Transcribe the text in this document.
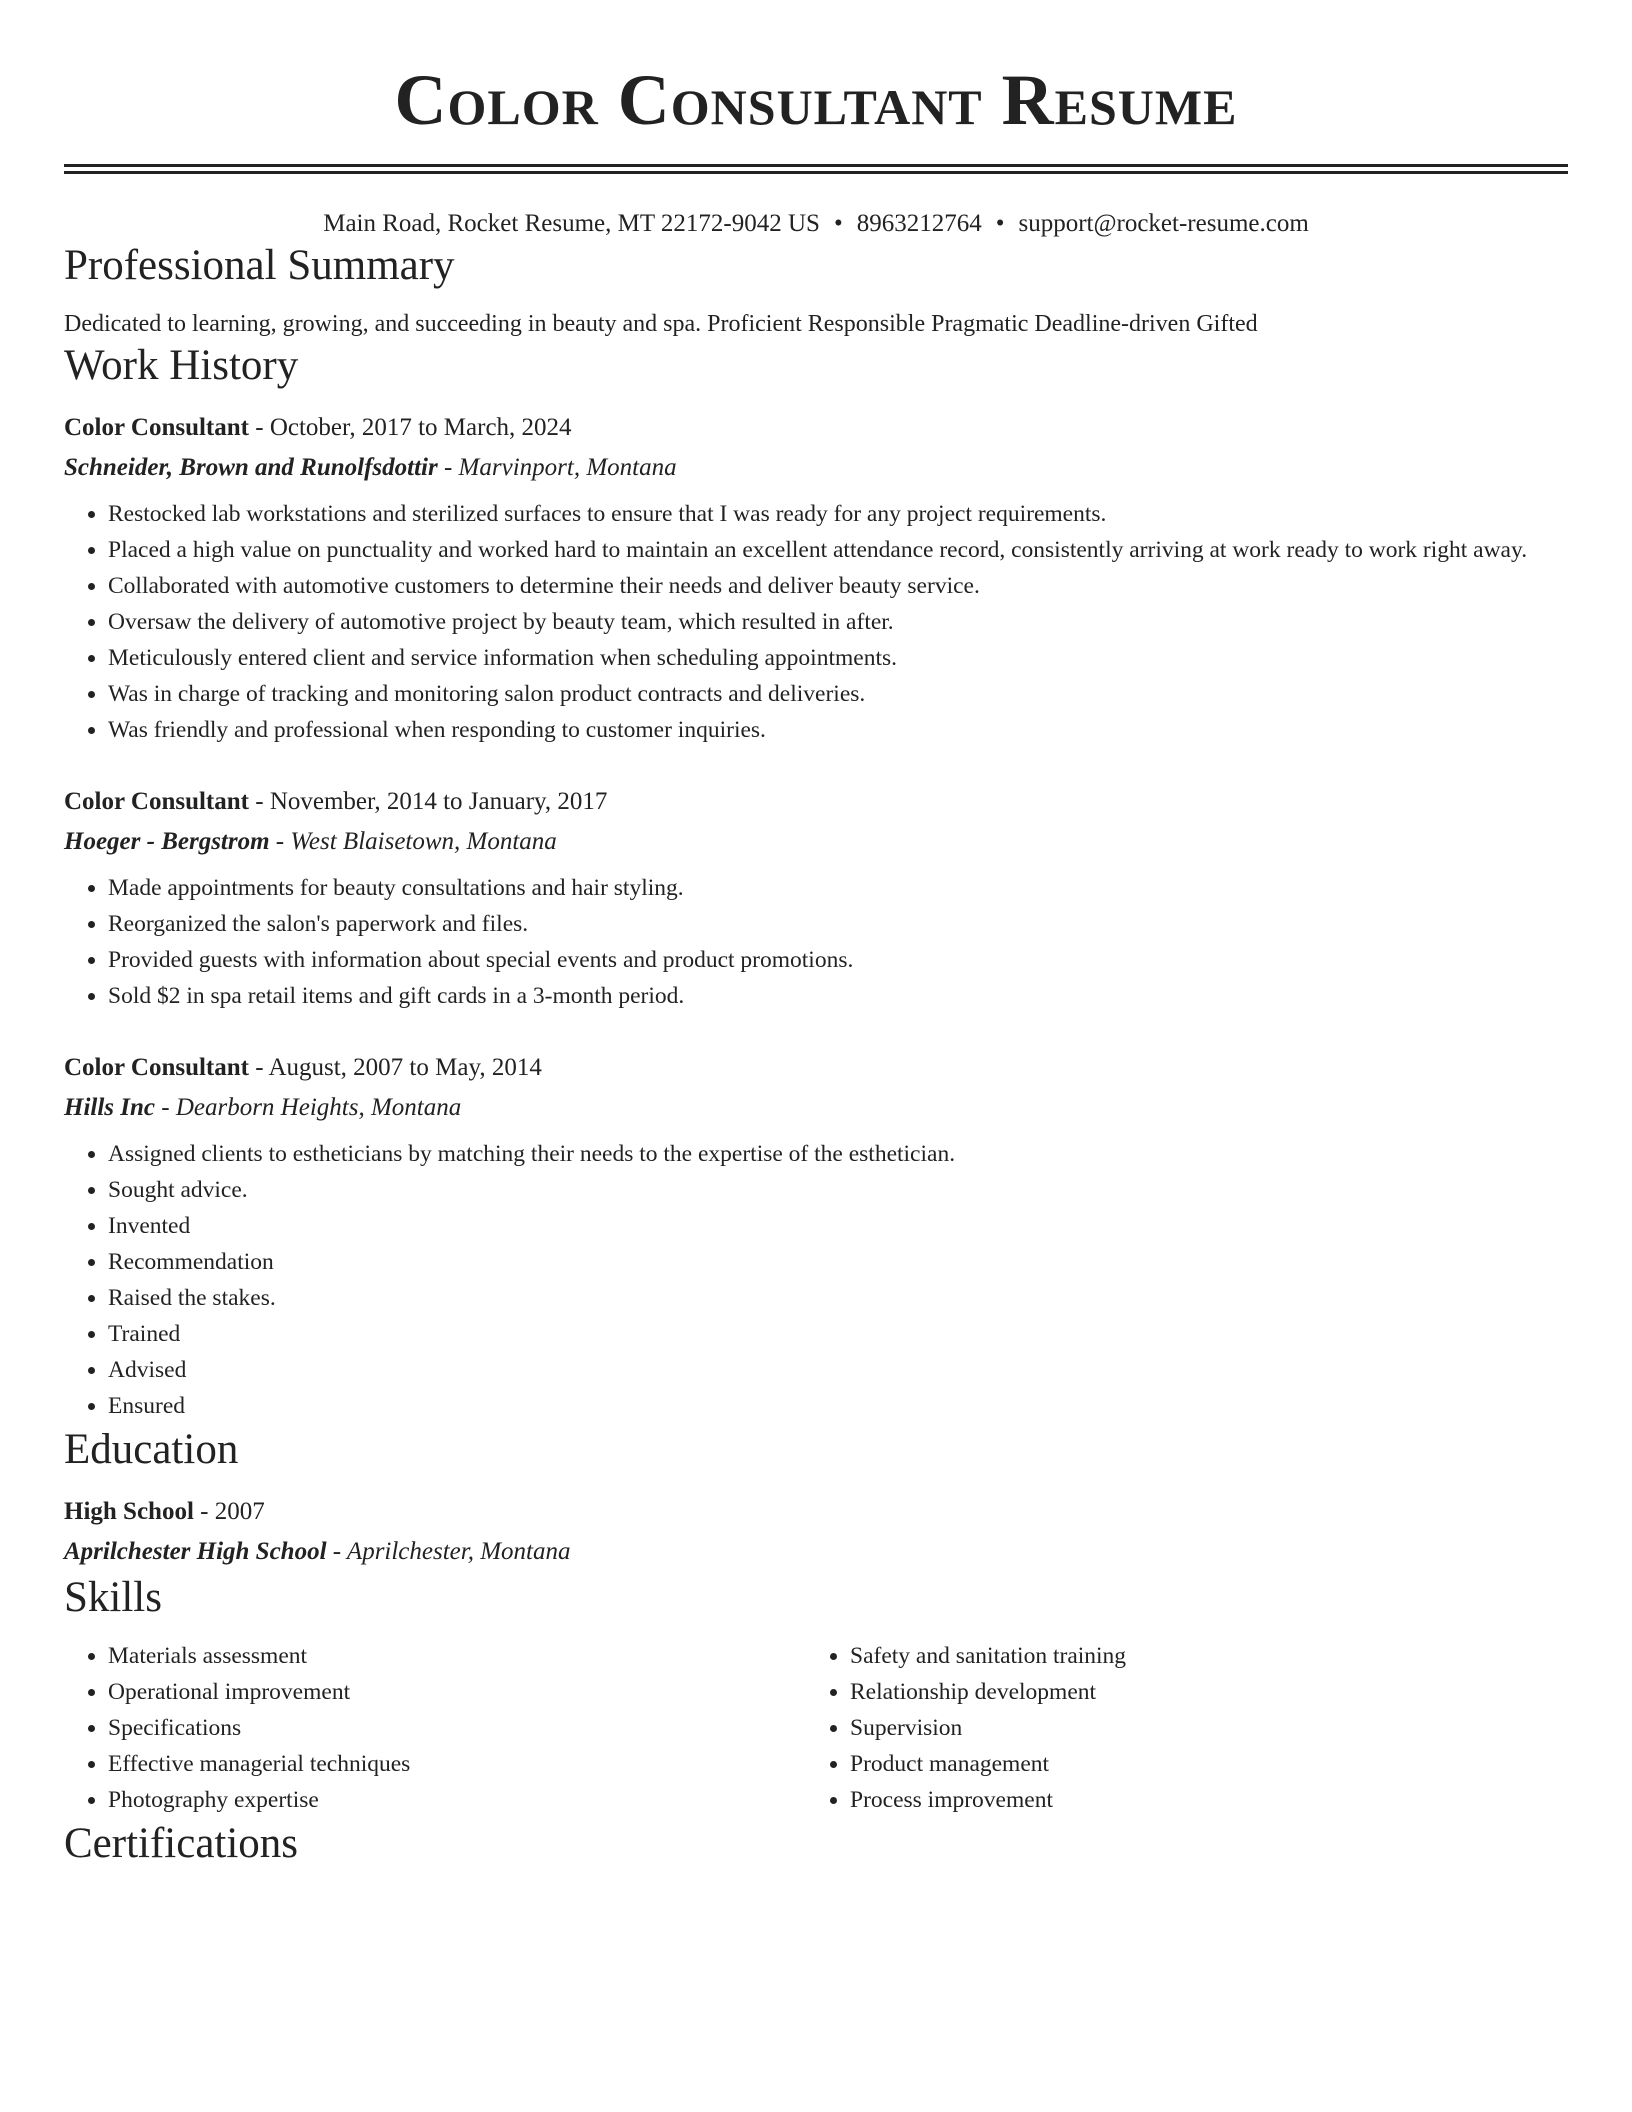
Color Consultant Resume
Main Road, Rocket Resume, MT 22172-9042 US • 8963212764 • support@rocket-resume.com
Professional Summary
Dedicated to learning, growing, and succeeding in beauty and spa. Proficient Responsible Pragmatic Deadline-driven Gifted
Work History
Color Consultant - October, 2017 to March, 2024
Schneider, Brown and Runolfsdottir - Marvinport, Montana
• Restocked lab workstations and sterilized surfaces to ensure that I was ready for any project requirements.
• Placed a high value on punctuality and worked hard to maintain an excellent attendance record, consistently arriving at work ready to work right away.
• Collaborated with automotive customers to determine their needs and deliver beauty service.
• Oversaw the delivery of automotive project by beauty team, which resulted in after.
• Meticulously entered client and service information when scheduling appointments.
• Was in charge of tracking and monitoring salon product contracts and deliveries.
• Was friendly and professional when responding to customer inquiries.
Color Consultant - November, 2014 to January, 2017
Hoeger - Bergstrom - West Blaisetown, Montana
• Made appointments for beauty consultations and hair styling.
• Reorganized the salon's paperwork and files.
• Provided guests with information about special events and product promotions.
• Sold $2 in spa retail items and gift cards in a 3-month period.
Color Consultant - August, 2007 to May, 2014
Hills Inc - Dearborn Heights, Montana
• Assigned clients to estheticians by matching their needs to the expertise of the esthetician.
• Sought advice.
• Invented
• Recommendation
• Raised the stakes.
• Trained
• Advised
• Ensured
Education
High School - 2007
Aprilchester High School - Aprilchester, Montana
Skills
• Materials assessment
• Operational improvement
• Specifications
• Effective managerial techniques
• Photography expertise
• Safety and sanitation training
• Relationship development
• Supervision
• Product management
• Process improvement
Certifications
